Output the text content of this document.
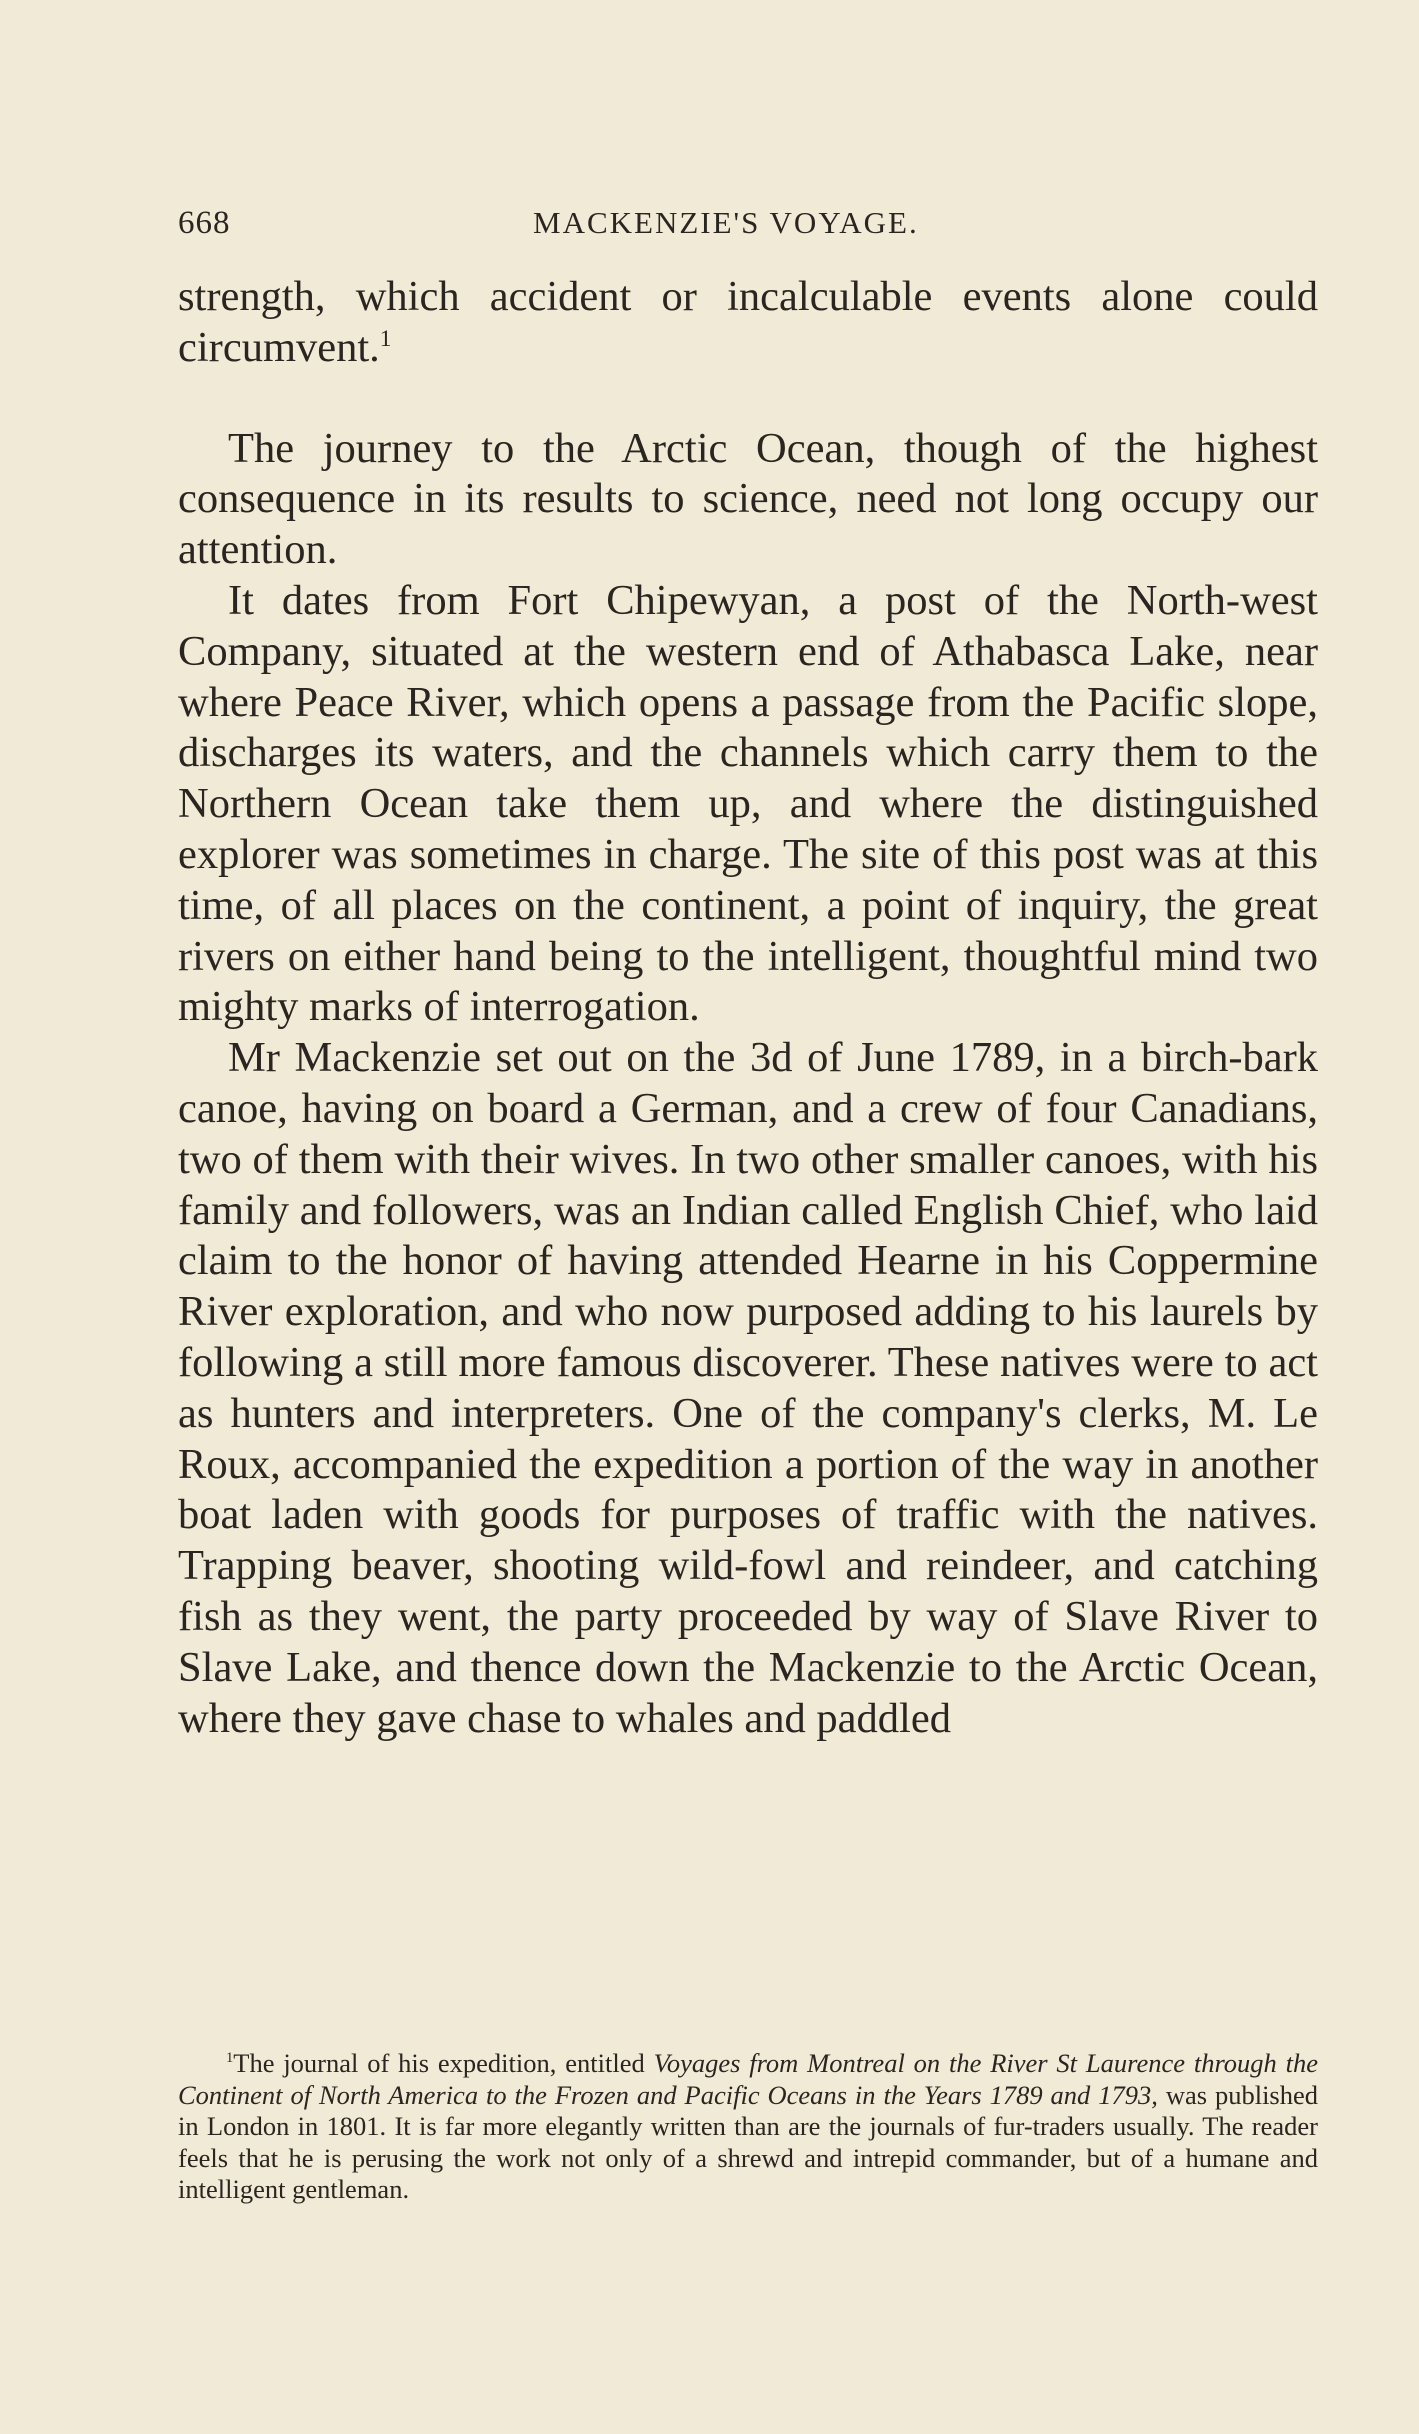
668	MACKENZIE'S VOYAGE.

strength, which accident or incalculable events alone could circumvent.$^1$

The journey to the Arctic Ocean, though of the highest consequence in its results to science, need not long occupy our attention.

It dates from Fort Chipewyan, a post of the North-west Company, situated at the western end of Athabasca Lake, near where Peace River, which opens a passage from the Pacific slope, discharges its waters, and the channels which carry them to the Northern Ocean take them up, and where the distinguished explorer was sometimes in charge. The site of this post was at this time, of all places on the continent, a point of inquiry, the great rivers on either hand being to the intelligent, thoughtful mind two mighty marks of interrogation.

Mr Mackenzie set out on the 3d of June 1789, in a birch-bark canoe, having on board a German, and a crew of four Canadians, two of them with their wives. In two other smaller canoes, with his family and followers, was an Indian called English Chief, who laid claim to the honor of having attended Hearne in his Coppermine River exploration, and who now purposed adding to his laurels by following a still more famous discoverer. These natives were to act as hunters and interpreters. One of the company's clerks, M. Le Roux, accompanied the expedition a portion of the way in another boat laden with goods for purposes of traffic with the natives. Trapping beaver, shooting wild-fowl and reindeer, and catching fish as they went, the party proceeded by way of Slave River to Slave Lake, and thence down the Mackenzie to the Arctic Ocean, where they gave chase to whales and paddled

$^1$The journal of his expedition, entitled Voyages from Montreal on the River St Laurence through the Continent of North America to the Frozen and Pacific Oceans in the Years 1789 and 1793, was published in London in 1801. It is far more elegantly written than are the journals of fur-traders usually. The reader feels that he is perusing the work not only of a shrewd and intrepid commander, but of a humane and intelligent gentleman.
